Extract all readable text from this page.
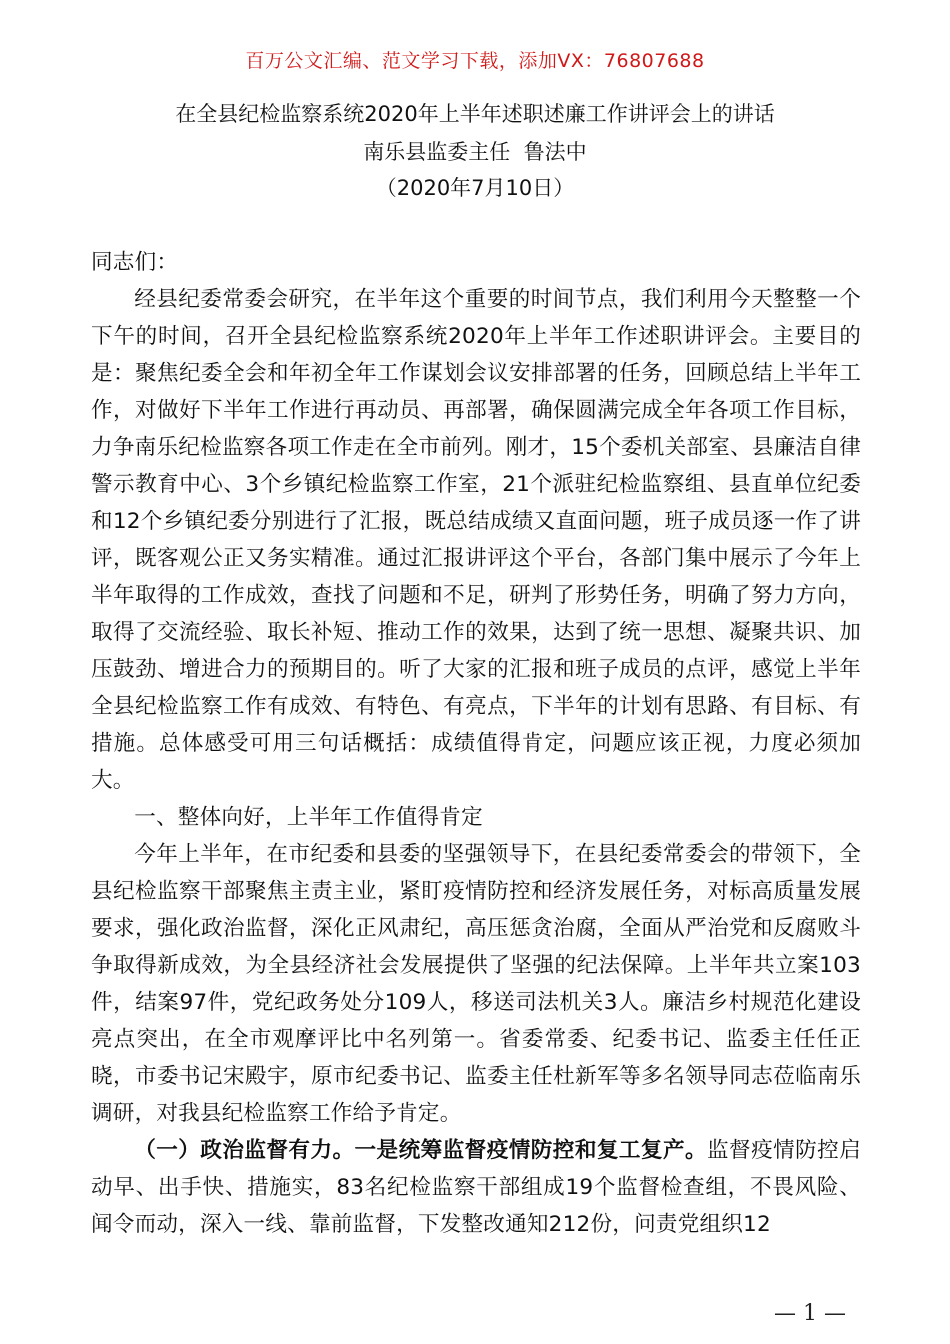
百万公文汇编、范文学习下载，添加VX：76807688
在全县纪检监察系统2020年上半年述职述廉工作讲评会上的讲话
南乐县监委主任  鲁法中
（2020年7月10日）

同志们：

经县纪委常委会研究，在半年这个重要的时间节点，我们利用今天整整一个下午的时间，召开全县纪检监察系统2020年上半年工作述职讲评会。主要目的是：聚焦纪委全会和年初全年工作谋划会议安排部署的任务，回顾总结上半年工作，对做好下半年工作进行再动员、再部署，确保圆满完成全年各项工作目标，力争南乐纪检监察各项工作走在全市前列。刚才，15个委机关部室、县廉洁自律警示教育中心、3个乡镇纪检监察工作室，21个派驻纪检监察组、县直单位纪委和12个乡镇纪委分别进行了汇报，既总结成绩又直面问题，班子成员逐一作了讲评，既客观公正又务实精准。通过汇报讲评这个平台，各部门集中展示了今年上半年取得的工作成效，查找了问题和不足，研判了形势任务，明确了努力方向，取得了交流经验、取长补短、推动工作的效果，达到了统一思想、凝聚共识、加压鼓劲、增进合力的预期目的。听了大家的汇报和班子成员的点评，感觉上半年全县纪检监察工作有成效、有特色、有亮点，下半年的计划有思路、有目标、有措施。总体感受可用三句话概括：成绩值得肯定，问题应该正视，力度必须加大。

一、整体向好，上半年工作值得肯定

今年上半年，在市纪委和县委的坚强领导下，在县纪委常委会的带领下，全县纪检监察干部聚焦主责主业，紧盯疫情防控和经济发展任务，对标高质量发展要求，强化政治监督，深化正风肃纪，高压惩贪治腐，全面从严治党和反腐败斗争取得新成效，为全县经济社会发展提供了坚强的纪法保障。上半年共立案103件，结案97件，党纪政务处分109人，移送司法机关3人。廉洁乡村规范化建设亮点突出，在全市观摩评比中名列第一。省委常委、纪委书记、监委主任任正晓，市委书记宋殿宇，原市纪委书记、监委主任杜新军等多名领导同志莅临南乐调研，对我县纪检监察工作给予肯定。

（一）政治监督有力。一是统筹监督疫情防控和复工复产。监督疫情防控启动早、出手快、措施实，83名纪检监察干部组成19个监督检查组，不畏风险、闻令而动，深入一线、靠前监督，下发整改通知212份，问责党组织12

— 1 —
